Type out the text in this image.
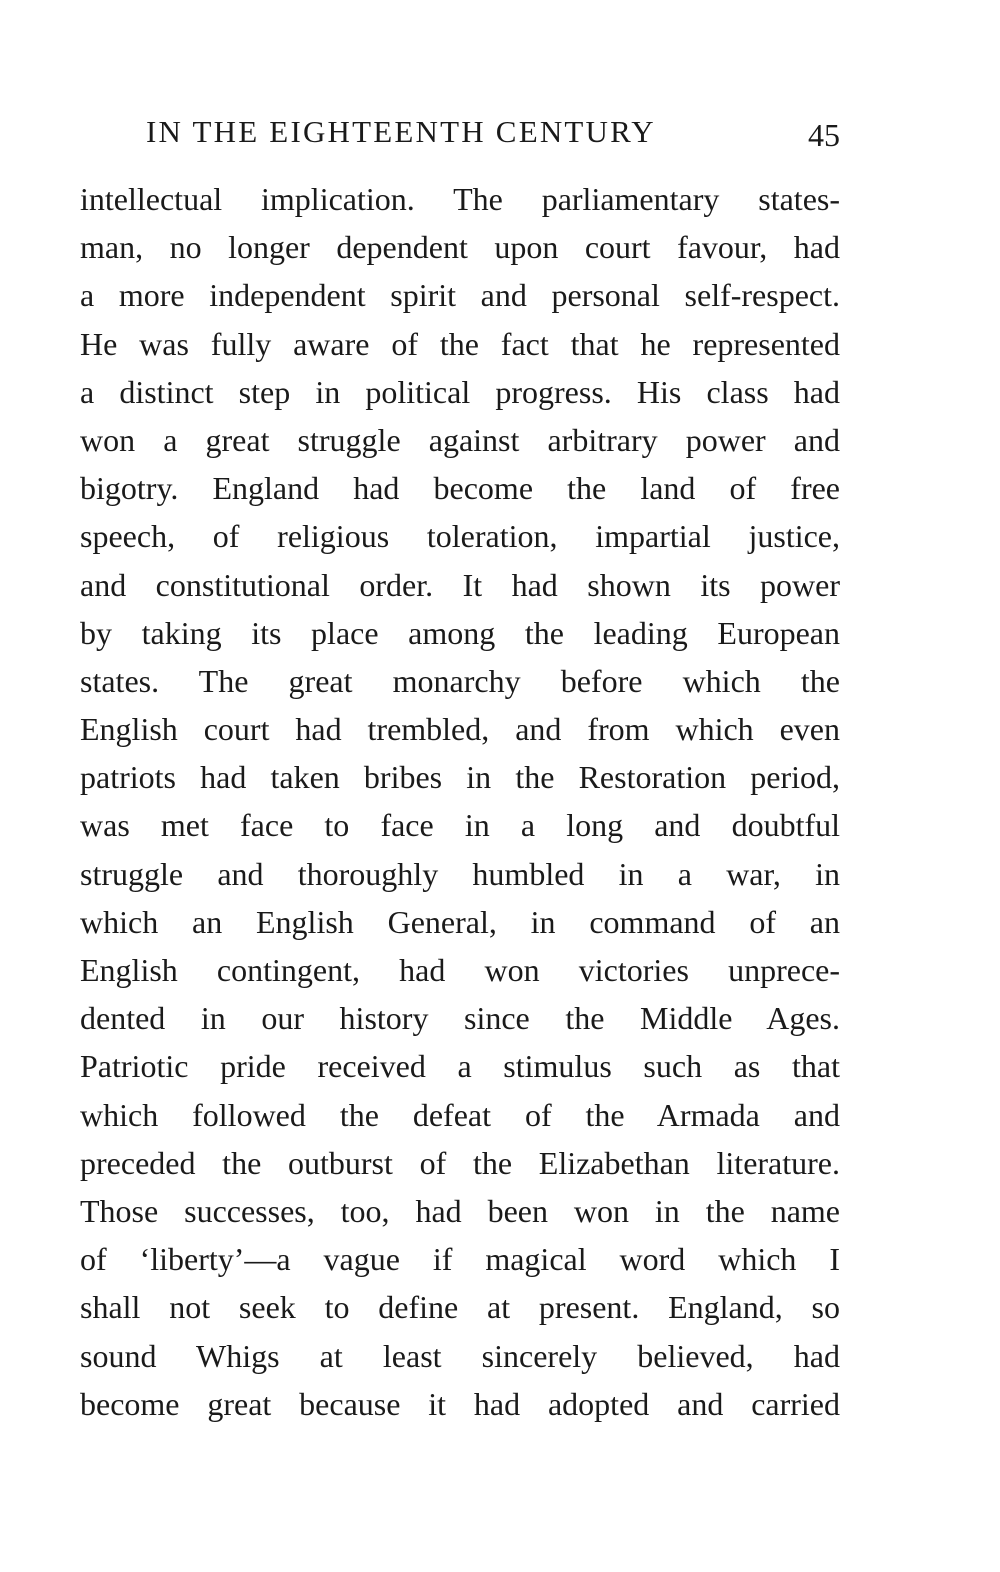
IN THE EIGHTEENTH CENTURY	45
intellectual implication. The parliamentary states-
man, no longer dependent upon court favour, had
a more independent spirit and personal self-respect.
He was fully aware of the fact that he represented
a distinct step in political progress. His class had
won a great struggle against arbitrary power and
bigotry. England had become the land of free
speech, of religious toleration, impartial justice,
and constitutional order. It had shown its power
by taking its place among the leading European
states. The great monarchy before which the
English court had trembled, and from which even
patriots had taken bribes in the Restoration period,
was met face to face in a long and doubtful
struggle and thoroughly humbled in a war, in
which an English General, in command of an
English contingent, had won victories unprece-
dented in our history since the Middle Ages.
Patriotic pride received a stimulus such as that
which followed the defeat of the Armada and
preceded the outburst of the Elizabethan literature.
Those successes, too, had been won in the name
of ‘liberty’—a vague if magical word which I
shall not seek to define at present. England, so
sound Whigs at least sincerely believed, had
become great because it had adopted and carried
